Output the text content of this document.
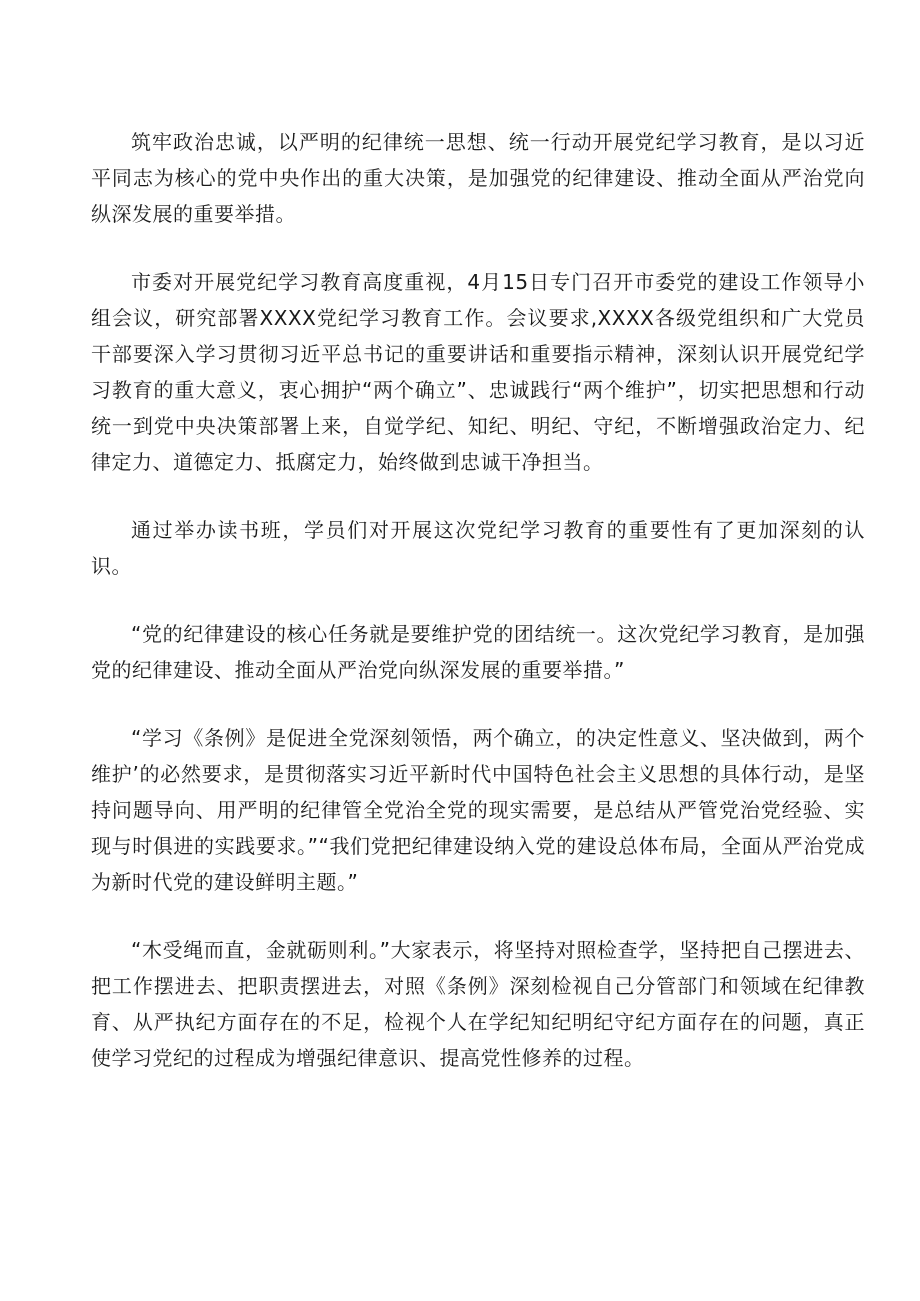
筑牢政治忠诚，以严明的纪律统一思想、统一行动开展党纪学习教育，是以习近平同志为核心的党中央作出的重大决策，是加强党的纪律建设、推动全面从严治党向纵深发展的重要举措。

市委对开展党纪学习教育高度重视，4月15日专门召开市委党的建设工作领导小组会议，研究部署XXXX党纪学习教育工作。会议要求,XXXX各级党组织和广大党员干部要深入学习贯彻习近平总书记的重要讲话和重要指示精神，深刻认识开展党纪学习教育的重大意义，衷心拥护“两个确立”、忠诚践行“两个维护”，切实把思想和行动统一到党中央决策部署上来，自觉学纪、知纪、明纪、守纪，不断增强政治定力、纪律定力、道德定力、抵腐定力，始终做到忠诚干净担当。

通过举办读书班，学员们对开展这次党纪学习教育的重要性有了更加深刻的认识。

“党的纪律建设的核心任务就是要维护党的团结统一。这次党纪学习教育，是加强党的纪律建设、推动全面从严治党向纵深发展的重要举措。”

“学习《条例》是促进全党深刻领悟，两个确立，的决定性意义、坚决做到，两个维护’的必然要求，是贯彻落实习近平新时代中国特色社会主义思想的具体行动，是坚持问题导向、用严明的纪律管全党治全党的现实需要，是总结从严管党治党经验、实现与时俱进的实践要求。”“我们党把纪律建设纳入党的建设总体布局，全面从严治党成为新时代党的建设鲜明主题。”

“木受绳而直，金就砺则利。”大家表示，将坚持对照检查学，坚持把自己摆进去、把工作摆进去、把职责摆进去，对照《条例》深刻检视自己分管部门和领域在纪律教育、从严执纪方面存在的不足，检视个人在学纪知纪明纪守纪方面存在的问题，真正使学习党纪的过程成为增强纪律意识、提高党性修养的过程。
